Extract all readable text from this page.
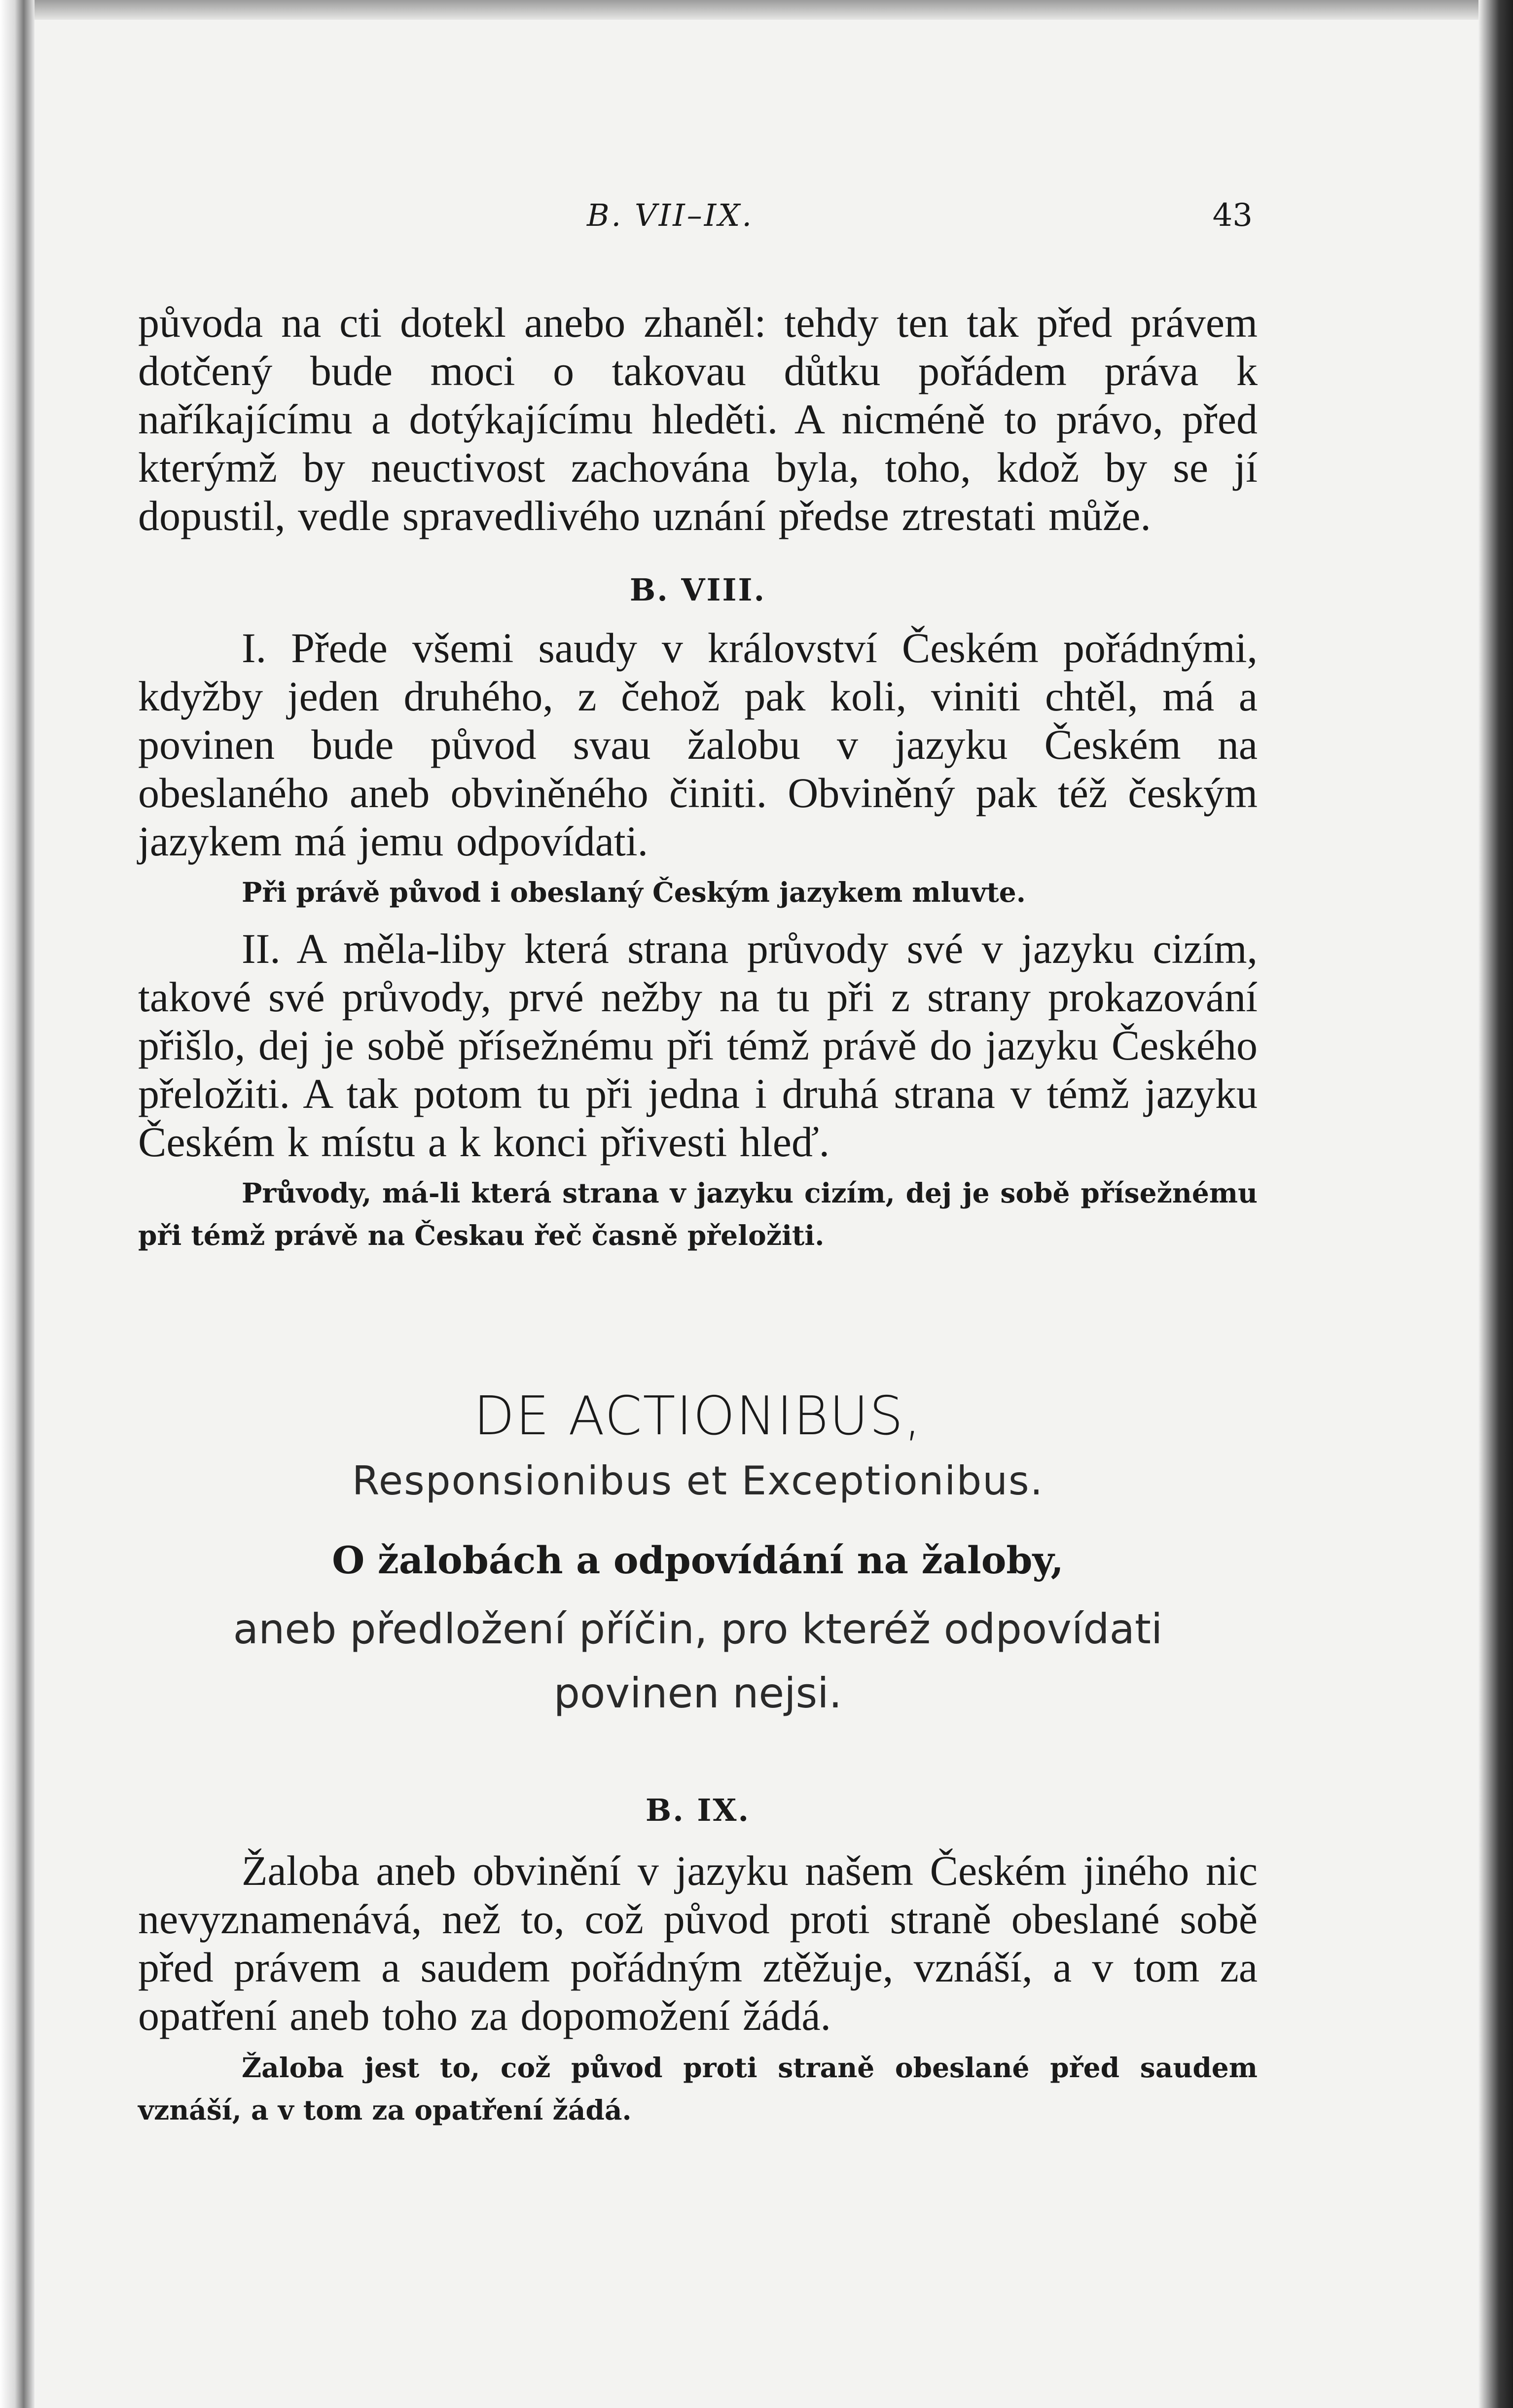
B. VII–IX.	43

původa na cti dotekl anebo zhaněl: tehdy ten tak před právem dotčený bude moci o takovau důtku pořádem práva k naříkajícímu a dotýkajícímu hleděti. A nicméně to právo, před kterýmž by neuctivost zachována byla, toho, kdož by se jí dopustil, vedle spravedlivého uznání předse ztrestati může.

B. VIII.

I. Přede všemi saudy v království Českém pořádnými, kdyžby jeden druhého, z čehož pak koli, viniti chtěl, má a povinen bude původ svau žalobu v jazyku Českém na obeslaného aneb obviněného činiti. Obviněný pak též českým jazykem má jemu odpovídati.

Při právě původ i obeslaný Českým jazykem mluvte.

II. A měla-liby která strana průvody své v jazyku cizím, takové své průvody, prvé nežby na tu při z strany prokazování přišlo, dej je sobě přísežnému při témž právě do jazyku Českého přeložiti. A tak potom tu při jedna i druhá strana v témž jazyku Českém k místu a k konci přivesti hleď.

Průvody, má-li která strana v jazyku cizím, dej je sobě přísežnému při témž právě na Českau řeč časně přeložiti.

DE ACTIONIBUS,

Responsionibus et Exceptionibus.

O žalobách a odpovídání na žaloby,

aneb předložení příčin, pro kteréž odpovídati povinen nejsi.

B. IX.

Žaloba aneb obvinění v jazyku našem Českém jiného nic nevyznamenává, než to, což původ proti straně obeslané sobě před právem a saudem pořádným ztěžuje, vznáší, a v tom za opatření aneb toho za dopomožení žádá.

Žaloba jest to, což původ proti straně obeslané před saudem vznáší, a v tom za opatření žádá.
